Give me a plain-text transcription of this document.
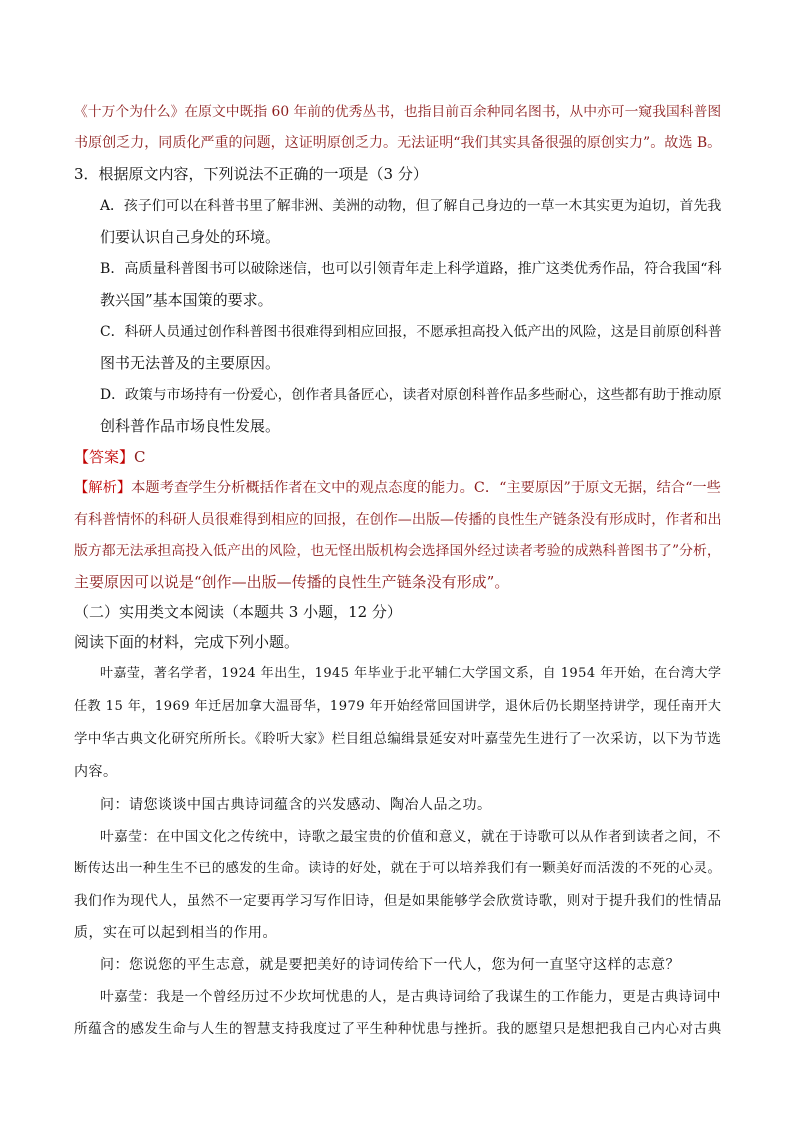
《十万个为什么》在原文中既指 60 年前的优秀丛书，也指目前百余种同名图书，从中亦可一窥我国科普图
书原创乏力，同质化严重的问题，这证明原创乏力。无法证明“我们其实具备很强的原创实力”。故选 B。
3．根据原文内容，下列说法不正确的一项是（3 分）
A．孩子们可以在科普书里了解非洲、美洲的动物，但了解自己身边的一草一木其实更为迫切，首先我
们要认识自己身处的环境。
B．高质量科普图书可以破除迷信，也可以引领青年走上科学道路，推广这类优秀作品，符合我国“科
教兴国”基本国策的要求。
C．科研人员通过创作科普图书很难得到相应回报，不愿承担高投入低产出的风险，这是目前原创科普
图书无法普及的主要原因。
D．政策与市场持有一份爱心，创作者具备匠心，读者对原创科普作品多些耐心，这些都有助于推动原
创科普作品市场良性发展。
【答案】C
【解析】本题考查学生分析概括作者在文中的观点态度的能力。C．“主要原因”于原文无据，结合“一些
有科普情怀的科研人员很难得到相应的回报，在创作—出版—传播的良性生产链条没有形成时，作者和出
版方都无法承担高投入低产出的风险，也无怪出版机构会选择国外经过读者考验的成熟科普图书了”分析，
主要原因可以说是“创作—出版—传播的良性生产链条没有形成”。
（二）实用类文本阅读（本题共 3 小题，12 分）
阅读下面的材料，完成下列小题。
叶嘉莹，著名学者，1924 年出生，1945 年毕业于北平辅仁大学国文系，自 1954 年开始，在台湾大学
任教 15 年，1969 年迁居加拿大温哥华，1979 年开始经常回国讲学，退休后仍长期坚持讲学，现任南开大
学中华古典文化研究所所长。《聆听大家》栏目组总编缉景延安对叶嘉莹先生进行了一次采访，以下为节选
内容。
问：请您谈谈中国古典诗词蕴含的兴发感动、陶冶人品之功。
叶嘉莹：在中国文化之传统中，诗歌之最宝贵的价值和意义，就在于诗歌可以从作者到读者之间，不
断传达出一种生生不已的感发的生命。读诗的好处，就在于可以培养我们有一颗美好而活泼的不死的心灵。
我们作为现代人，虽然不一定要再学习写作旧诗，但是如果能够学会欣赏诗歌，则对于提升我们的性情品
质，实在可以起到相当的作用。
问：您说您的平生志意，就是要把美好的诗词传给下一代人，您为何一直坚守这样的志意？
叶嘉莹：我是一个曾经历过不少坎坷忧患的人，是古典诗词给了我谋生的工作能力，更是古典诗词中
所蕴含的感发生命与人生的智慧支持我度过了平生种种忧患与挫折。我的愿望只是想把我自己内心对古典
